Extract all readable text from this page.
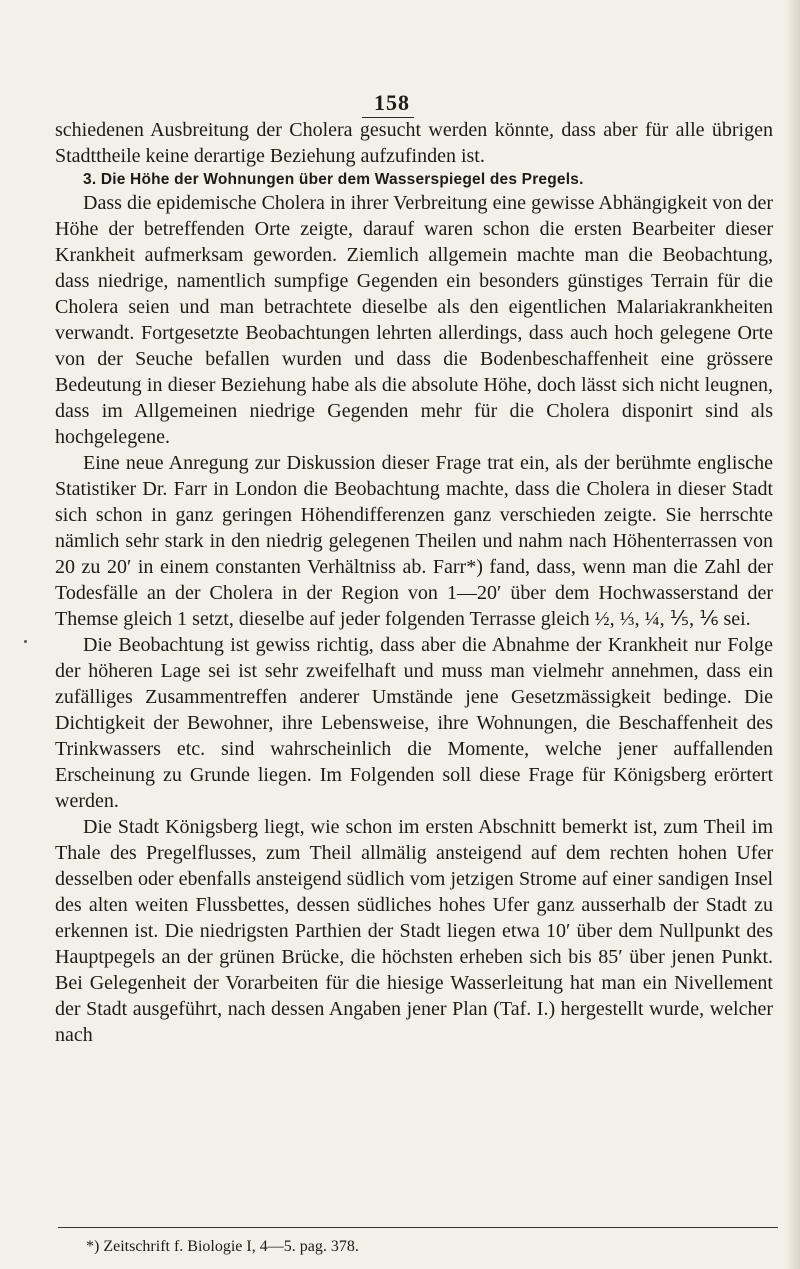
158

schiedenen Ausbreitung der Cholera gesucht werden könnte, dass aber für alle übrigen Stadttheile keine derartige Beziehung aufzufinden ist.

3. Die Höhe der Wohnungen über dem Wasserspiegel des Pregels.

Dass die epidemische Cholera in ihrer Verbreitung eine gewisse Abhängigkeit von der Höhe der betreffenden Orte zeigte, darauf waren schon die ersten Bearbeiter dieser Krankheit aufmerksam geworden. Ziemlich allgemein machte man die Beobachtung, dass niedrige, namentlich sumpfige Gegenden ein besonders günstiges Terrain für die Cholera seien und man betrachtete dieselbe als den eigentlichen Malariakrankheiten verwandt. Fortgesetzte Beobachtungen lehrten allerdings, dass auch hoch gelegene Orte von der Seuche befallen wurden und dass die Bodenbeschaffenheit eine grössere Bedeutung in dieser Beziehung habe als die absolute Höhe, doch lässt sich nicht leugnen, dass im Allgemeinen niedrige Gegenden mehr für die Cholera disponirt sind als hochgelegene.

Eine neue Anregung zur Diskussion dieser Frage trat ein, als der berühmte englische Statistiker Dr. Farr in London die Beobachtung machte, dass die Cholera in dieser Stadt sich schon in ganz geringen Höhendifferenzen ganz verschieden zeigte. Sie herrschte nämlich sehr stark in den niedrig gelegenen Theilen und nahm nach Höhenterrassen von 20 zu 20′ in einem constanten Verhältniss ab. Farr*) fand, dass, wenn man die Zahl der Todesfälle an der Cholera in der Region von 1—20′ über dem Hochwasserstand der Themse gleich 1 setzt, dieselbe auf jeder folgenden Terrasse gleich ½, ⅓, ¼, ⅕, ⅙ sei.

Die Beobachtung ist gewiss richtig, dass aber die Abnahme der Krankheit nur Folge der höheren Lage sei ist sehr zweifelhaft und muss man vielmehr annehmen, dass ein zufälliges Zusammentreffen anderer Umstände jene Gesetzmässigkeit bedinge. Die Dichtigkeit der Bewohner, ihre Lebensweise, ihre Wohnungen, die Beschaffenheit des Trinkwassers etc. sind wahrscheinlich die Momente, welche jener auffallenden Erscheinung zu Grunde liegen. Im Folgenden soll diese Frage für Königsberg erörtert werden.

Die Stadt Königsberg liegt, wie schon im ersten Abschnitt bemerkt ist, zum Theil im Thale des Pregelflusses, zum Theil allmälig ansteigend auf dem rechten hohen Ufer desselben oder ebenfalls ansteigend südlich vom jetzigen Strome auf einer sandigen Insel des alten weiten Flussbettes, dessen südliches hohes Ufer ganz ausserhalb der Stadt zu erkennen ist. Die niedrigsten Parthien der Stadt liegen etwa 10′ über dem Nullpunkt des Hauptpegels an der grünen Brücke, die höchsten erheben sich bis 85′ über jenen Punkt. Bei Gelegenheit der Vorarbeiten für die hiesige Wasserleitung hat man ein Nivellement der Stadt ausgeführt, nach dessen Angaben jener Plan (Taf. I.) hergestellt wurde, welcher nach

*) Zeitschrift f. Biologie I, 4—5. pag. 378.
